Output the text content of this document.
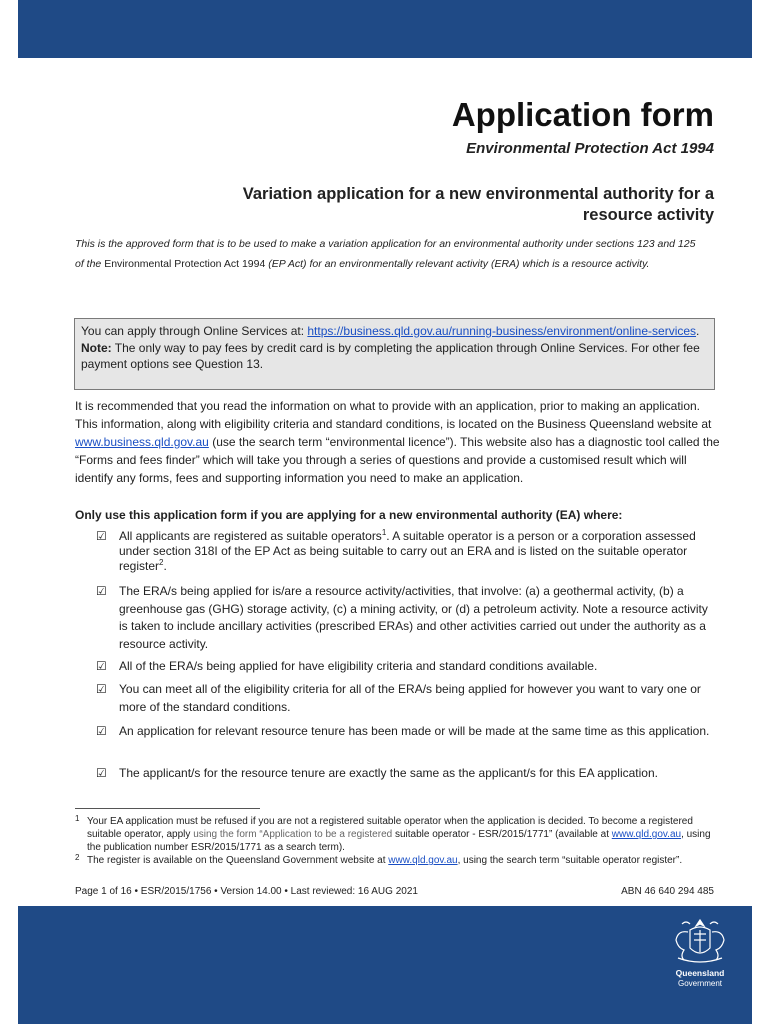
Application form
Environmental Protection Act 1994
Variation application for a new environmental authority for a
resource activity
This is the approved form that is to be used to make a variation application for an environmental authority under sections 123 and 125 of the Environmental Protection Act 1994 (EP Act) for an environmentally relevant activity (ERA) which is a resource activity.
You can apply through Online Services at: https://business.qld.gov.au/running-business/environment/online-services.
Note: The only way to pay fees by credit card is by completing the application through Online Services. For other fee payment options see Question 13.
It is recommended that you read the information on what to provide with an application, prior to making an application. This information, along with eligibility criteria and standard conditions, is located on the Business Queensland website at www.business.qld.gov.au (use the search term “environmental licence”). This website also has a diagnostic tool called the “Forms and fees finder” which will take you through a series of questions and provide a customised result which will identify any forms, fees and supporting information you need to make an application.
Only use this application form if you are applying for a new environmental authority (EA) where:
☑ All applicants are registered as suitable operators$^1$. A suitable operator is a person or a corporation assessed under section 318I of the EP Act as being suitable to carry out an ERA and is listed on the suitable operator register$^2$.
☑ The ERA/s being applied for is/are a resource activity/activities, that involve: (a) a geothermal activity, (b) a greenhouse gas (GHG) storage activity, (c) a mining activity, or (d) a petroleum activity. Note a resource activity is taken to include ancillary activities (prescribed ERAs) and other activities carried out under the authority as a resource activity.
☑ All of the ERA/s being applied for have eligibility criteria and standard conditions available.
☑ You can meet all of the eligibility criteria for all of the ERA/s being applied for however you want to vary one or more of the standard conditions.
☑ An application for relevant resource tenure has been made or will be made at the same time as this application.
☑ The applicant/s for the resource tenure are exactly the same as the applicant/s for this EA application.
1 Your EA application must be refused if you are not a registered suitable operator when the application is decided. To become a registered suitable operator, apply using the form “Application to be a registered suitable operator - ESR/2015/1771” (available at www.qld.gov.au, using the publication number ESR/2015/1771 as a search term).
2 The register is available on the Queensland Government website at www.qld.gov.au, using the search term “suitable operator register”.
Page 1 of 16 • ESR/2015/1756 • Version 14.00 • Last reviewed: 16 AUG 2021	ABN 46 640 294 485
Queensland
Government
